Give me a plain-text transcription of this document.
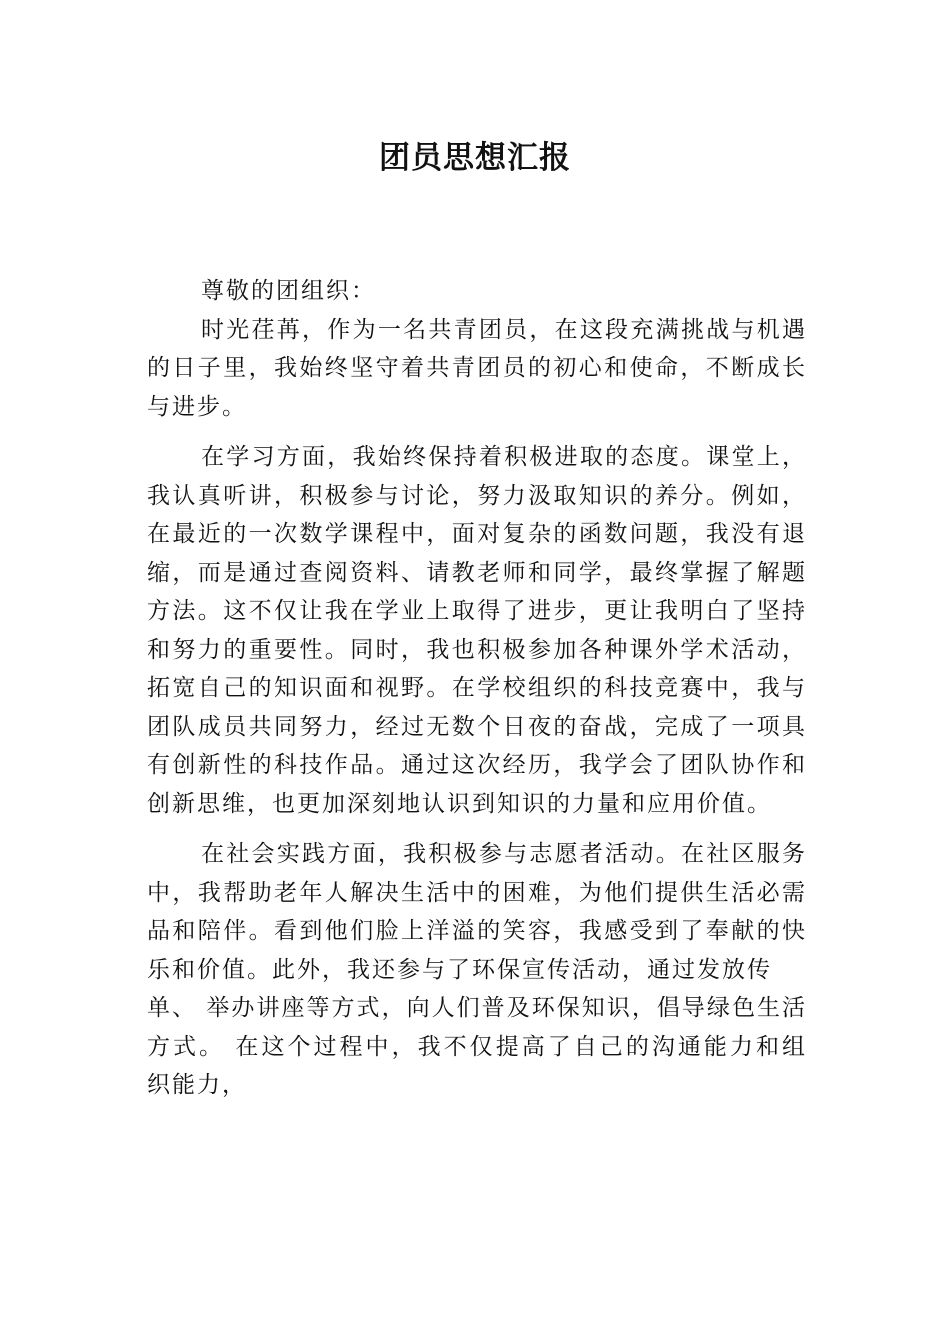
团员思想汇报
尊敬的团组织：
时光荏苒，作为一名共青团员，在这段充满挑战与机遇
的日子里，我始终坚守着共青团员的初心和使命，不断成长
与进步。
在学习方面，我始终保持着积极进取的态度。课堂上，
我认真听讲，积极参与讨论，努力汲取知识的养分。例如，
在最近的一次数学课程中，面对复杂的函数问题，我没有退
缩，而是通过查阅资料、请教老师和同学，最终掌握了解题
方法。这不仅让我在学业上取得了进步，更让我明白了坚持
和努力的重要性。同时，我也积极参加各种课外学术活动，
拓宽自己的知识面和视野。在学校组织的科技竞赛中，我与
团队成员共同努力，经过无数个日夜的奋战，完成了一项具
有创新性的科技作品。通过这次经历，我学会了团队协作和
创新思维，也更加深刻地认识到知识的力量和应用价值。
在社会实践方面，我积极参与志愿者活动。在社区服务
中，我帮助老年人解决生活中的困难，为他们提供生活必需
品和陪伴。看到他们脸上洋溢的笑容，我感受到了奉献的快
乐和价值。此外，我还参与了环保宣传活动，通过发放传
单、 举办讲座等方式，向人们普及环保知识，倡导绿色生活
方式。 在这个过程中，我不仅提高了自己的沟通能力和组
织能力，
